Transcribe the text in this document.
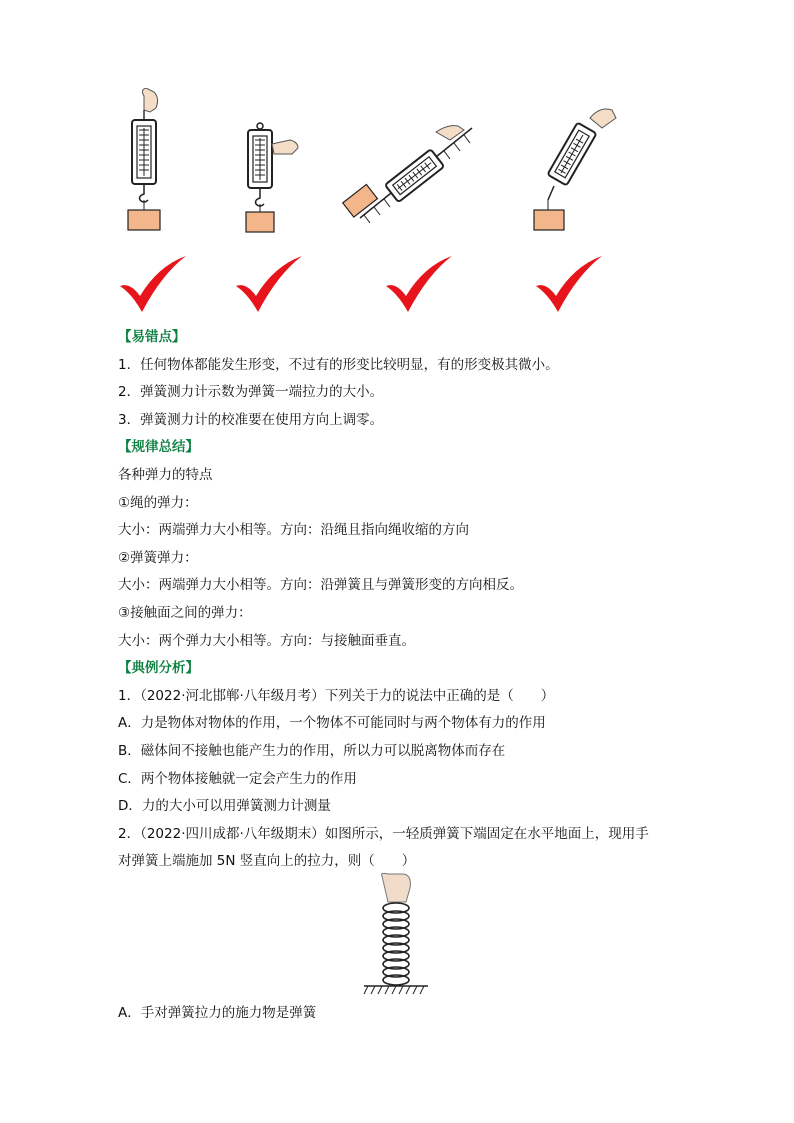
【易错点】
1．任何物体都能发生形变，不过有的形变比较明显，有的形变极其微小。
2．弹簧测力计示数为弹簧一端拉力的大小。
3．弹簧测力计的校准要在使用方向上调零。
【规律总结】
各种弹力的特点
①绳的弹力：
大小：两端弹力大小相等。方向：沿绳且指向绳收缩的方向
②弹簧弹力：
大小：两端弹力大小相等。方向：沿弹簧且与弹簧形变的方向相反。
③接触面之间的弹力：
大小：两个弹力大小相等。方向：与接触面垂直。
【典例分析】
1．（2022·河北邯郸·八年级月考）下列关于力的说法中正确的是（　　）
A．力是物体对物体的作用，一个物体不可能同时与两个物体有力的作用
B．磁体间不接触也能产生力的作用，所以力可以脱离物体而存在
C．两个物体接触就一定会产生力的作用
D．力的大小可以用弹簧测力计测量
2．（2022·四川成都·八年级期末）如图所示，一轻质弹簧下端固定在水平地面上，现用手
对弹簧上端施加 5N 竖直向上的拉力，则（　　）
A．手对弹簧拉力的施力物是弹簧
